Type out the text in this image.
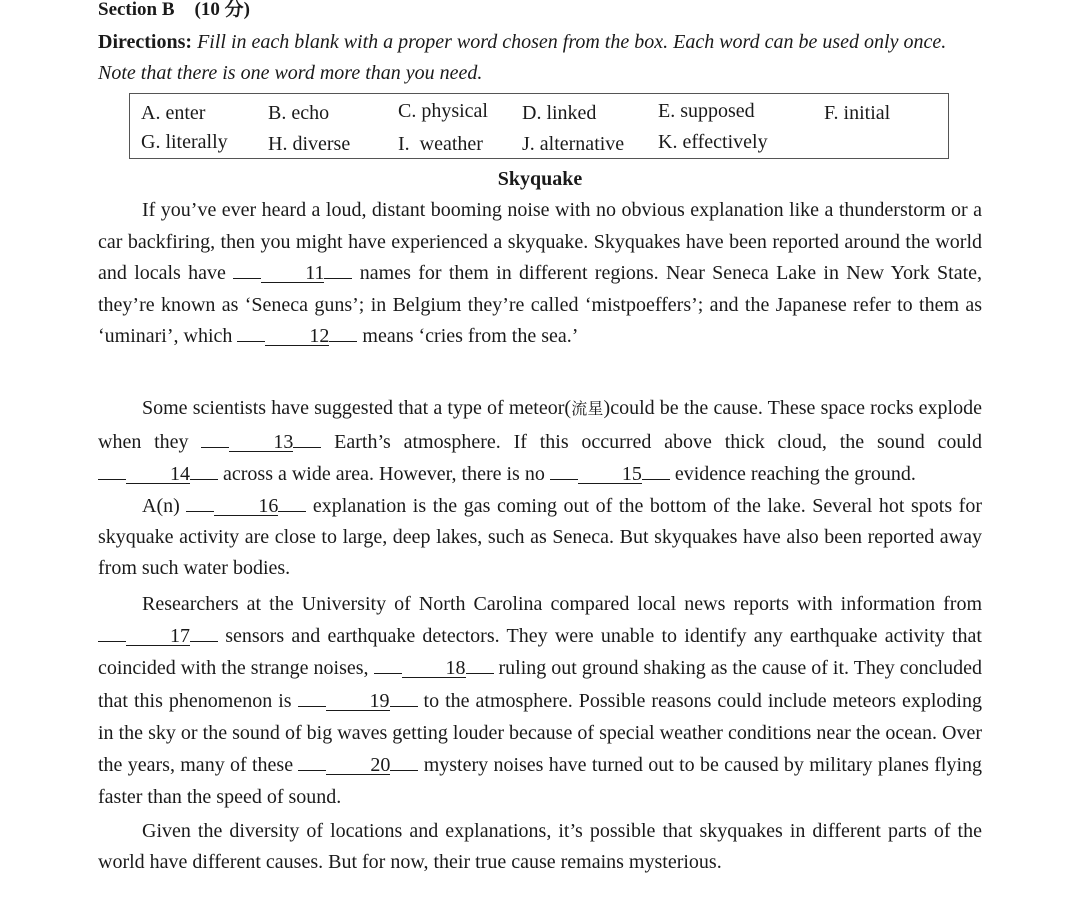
Section B (10 分)
Directions: Fill in each blank with a proper word chosen from the box. Each word can be used only once. Note that there is one word more than you need.
A. enter	B. echo	C. physical D. linked	E. supposed	F. initial
G. literally H. diverse I.  weather J. alternative K. effectively
Skyquake
If you’ve ever heard a loud, distant booming noise with no obvious explanation like a thunderstorm or a car backfiring, then you might have experienced a skyquake. Skyquakes have been reported around the world and locals have	11 names for them in different regions. Near Seneca Lake in New York State, they’re known as ‘Seneca guns’; in Belgium they’re called ‘mistpoeffers’; and the Japanese refer to them as ‘uminari’, which	12 means ‘cries from the sea.’
Some scientists have suggested that a type of meteor(流星)could be the cause. These space rocks explode when they	13 Earth’s atmosphere. If this occurred above thick cloud, the sound could 14 across a wide area. However, there is no	15 evidence reaching the ground.
A(n)	16 explanation is the gas coming out of the bottom of the lake. Several hot spots for skyquake activity are close to large, deep lakes, such as Seneca. But skyquakes have also been reported away from such water bodies.
Researchers at the University of North Carolina compared local news reports with information from 17 sensors and earthquake detectors. They were unable to identify any earthquake activity that coincided with the strange noises,	18 ruling out ground shaking as the cause of it. They concluded that this phenomenon is	19 to the atmosphere. Possible reasons could include meteors exploding in the sky or the sound of big waves getting louder because of special weather conditions near the ocean. Over the years, many of these	20 mystery noises have turned out to be caused by military planes flying faster than the speed of sound.
Given the diversity of locations and explanations, it’s possible that skyquakes in different parts of the world have different causes. But for now, their true cause remains mysterious.
